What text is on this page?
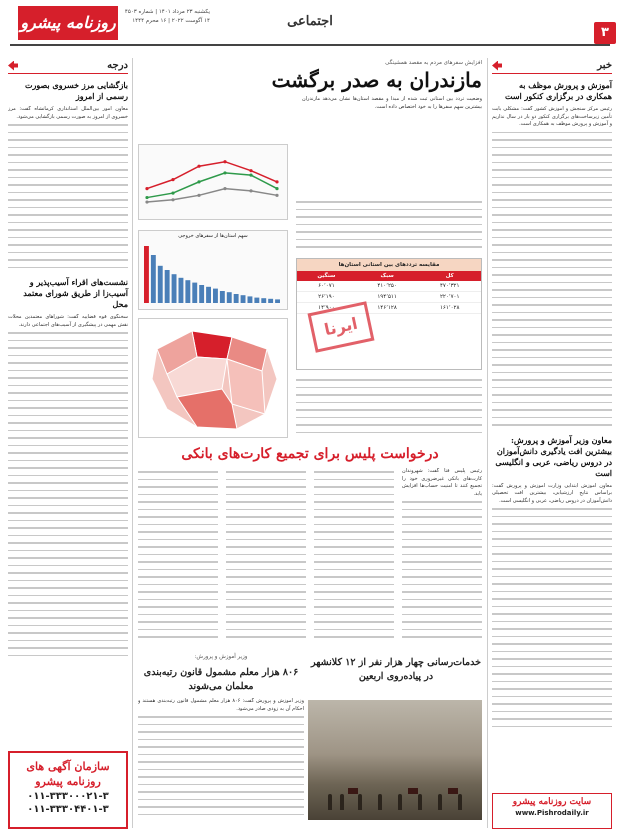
۳
اجتماعی
روزنامه پیشرو
یکشنبه ۲۳ مرداد ۱۴۰۱ | شماره ۴۵۰۳
۱۴ آگوست ۲۰۲۲ | ۱۶ محرم ۱۴۴۴
خبر
آموزش و پرورش موظف به همکاری در برگزاری کنکور است
رئیس مرکز سنجش و آموزش کشور گفت: مشکلی بابت تأمین زیرساخت‌های برگزاری کنکور دو بار در سال نداریم و آموزش و پرورش موظف به همکاری است.
معاون وزیر آموزش و پرورش: بیشترین افت یادگیری دانش‌آموزان در دروس ریاضی، عربی و انگلیسی است
معاون آموزش ابتدایی وزارت آموزش و پرورش گفت: براساس نتایج ارزشیابی، بیشترین افت تحصیلی دانش‌آموزان در دروس ریاضی، عربی و انگلیسی است.
درجه
بازگشایی مرز خسروی بصورت رسمی از امروز
معاون امور بین‌الملل استانداری کرمانشاه گفت: مرز خسروی از امروز به صورت رسمی بازگشایی می‌شود.
نشست‌های اقراء آسیب‌پذیر و آسیب‌زا از طریق شورای معتمد محل
سخنگوی قوه قضاییه گفت: شوراهای معتمدین محلات نقش مهمی در پیشگیری از آسیب‌های اجتماعی دارند.
افزایش سفرهای مردم به مقصد همشینگی
مازندران به صدر برگشت
وضعیت تردد بین استانی ثبت شده از مبدأ و مقصد استان‌ها نشان می‌دهد مازندران بیشترین سهم سفرها را به خود اختصاص داده است.
سهم استان‌ها از سفرهای خروجی
مقایسه تردد‌های بین استانی استان‌ها
کل	سبک	سنگین
۴۷۰٬۳۲۱	۴۱۰٬۲۵۰	۶۰٬۰۷۱
۲۲۰٬۷۰۱	۱۹۴٬۵۱۱	۲۶٬۱۹۰
۱۶۱٬۰۲۸	۱۴۶٬۱۲۸	۱۴٬۹۰۰
ایرنا
درخواست پلیس برای تجمیع کارت‌های بانکی
رئیس پلیس فتا گفت: شهروندان کارت‌های بانکی غیرضروری خود را تجمیع کنند تا امنیت حساب‌ها افزایش یابد.
وزیر آموزش و پرورش:
۸۰۶ هزار معلم مشمول قانون رتبه‌بندی معلمان می‌شوند
وزیر آموزش و پرورش گفت: ۸۰۶ هزار معلم مشمول قانون رتبه‌بندی هستند و احکام آن به زودی صادر می‌شود.
خدمات‌رسانی چهار هزار نفر از ۱۲ کلانشهر در پیاده‌روی اربعین
سازمان آگهی های
روزنامه پیشرو
۰۱۱-۳۳۳۰۰۰۲۱-۳
۰۱۱-۳۳۳۰۴۴۰۱-۳
سایت روزنامه پیشرو
www.Pishrodaily.ir
